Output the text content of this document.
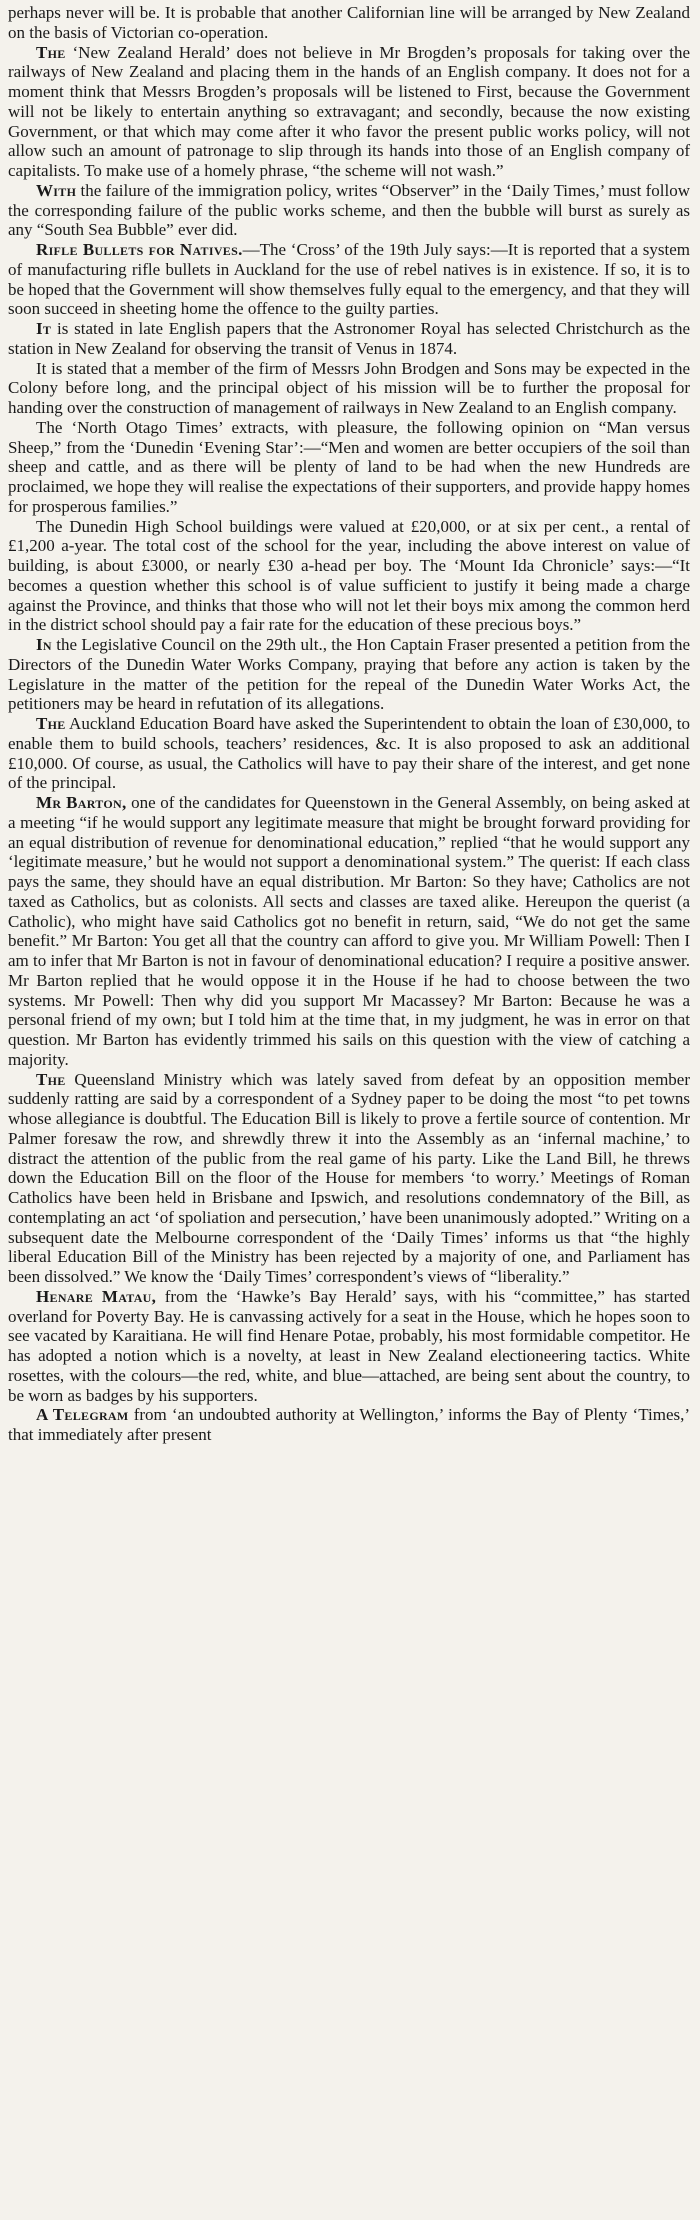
perhaps never will be. It is probable that another Californian line will be arranged by New Zealand on the basis of Victorian co-operation.

The ‘New Zealand Herald’ does not believe in Mr Brogden’s proposals for taking over the railways of New Zealand and placing them in the hands of an English company. It does not for a moment think that Messrs Brogden’s proposals will be listened to First, because the Government will not be likely to entertain anything so extravagant; and secondly, because the now existing Government, or that which may come after it who favor the present public works policy, will not allow such an amount of patronage to slip through its hands into those of an English company of capitalists. To make use of a homely phrase, “the scheme will not wash.”

With the failure of the immigration policy, writes “Observer” in the ‘Daily Times,’ must follow the corresponding failure of the public works scheme, and then the bubble will burst as surely as any “South Sea Bubble” ever did.

Rifle Bullets for Natives.—The ‘Cross’ of the 19th July says:—It is reported that a system of manufacturing rifle bullets in Auckland for the use of rebel natives is in existence. If so, it is to be hoped that the Government will show themselves fully equal to the emergency, and that they will soon succeed in sheeting home the offence to the guilty parties.

It is stated in late English papers that the Astronomer Royal has selected Christchurch as the station in New Zealand for observing the transit of Venus in 1874.

It is stated that a member of the firm of Messrs John Brodgen and Sons may be expected in the Colony before long, and the principal object of his mission will be to further the proposal for handing over the construction of management of railways in New Zealand to an English company.

The ‘North Otago Times’ extracts, with pleasure, the following opinion on “Man versus Sheep,” from the ‘Dunedin ‘Evening Star’:—“Men and women are better occupiers of the soil than sheep and cattle, and as there will be plenty of land to be had when the new Hundreds are proclaimed, we hope they will realise the expectations of their supporters, and provide happy homes for prosperous families.”

The Dunedin High School buildings were valued at £20,000, or at six per cent., a rental of £1,200 a-year. The total cost of the school for the year, including the above interest on value of building, is about £3000, or nearly £30 a-head per boy. The ‘Mount Ida Chronicle’ says:—“It becomes a question whether this school is of value sufficient to justify it being made a charge against the Province, and thinks that those who will not let their boys mix among the common herd in the district school should pay a fair rate for the education of these precious boys.”

In the Legislative Council on the 29th ult., the Hon Captain Fraser presented a petition from the Directors of the Dunedin Water Works Company, praying that before any action is taken by the Legislature in the matter of the petition for the repeal of the Dunedin Water Works Act, the petitioners may be heard in refutation of its allegations.

The Auckland Education Board have asked the Superintendent to obtain the loan of £30,000, to enable them to build schools, teachers’ residences, &c. It is also proposed to ask an additional £10,000. Of course, as usual, the Catholics will have to pay their share of the interest, and get none of the principal.

Mr Barton, one of the candidates for Queenstown in the General Assembly, on being asked at a meeting “if he would support any legitimate measure that might be brought forward providing for an equal distribution of revenue for denominational education,” replied “that he would support any ‘legitimate measure,’ but he would not support a denominational system.” The querist: If each class pays the same, they should have an equal distribution. Mr Barton: So they have; Catholics are not taxed as Catholics, but as colonists. All sects and classes are taxed alike. Hereupon the querist (a Catholic), who might have said Catholics got no benefit in return, said, “We do not get the same benefit.” Mr Barton: You get all that the country can afford to give you. Mr William Powell: Then I am to infer that Mr Barton is not in favour of denominational education? I require a positive answer. Mr Barton replied that he would oppose it in the House if he had to choose between the two systems. Mr Powell: Then why did you support Mr Macassey? Mr Barton: Because he was a personal friend of my own; but I told him at the time that, in my judgment, he was in error on that question. Mr Barton has evidently trimmed his sails on this question with the view of catching a majority.

The Queensland Ministry which was lately saved from defeat by an opposition member suddenly ratting are said by a correspondent of a Sydney paper to be doing the most “to pet towns whose allegiance is doubtful. The Education Bill is likely to prove a fertile source of contention. Mr Palmer foresaw the row, and shrewdly threw it into the Assembly as an ‘infernal machine,’ to distract the attention of the public from the real game of his party. Like the Land Bill, he threws down the Education Bill on the floor of the House for members ‘to worry.’ Meetings of Roman Catholics have been held in Brisbane and Ipswich, and resolutions condemnatory of the Bill, as contemplating an act ‘of spoliation and persecution,’ have been unanimously adopted.” Writing on a subsequent date the Melbourne correspondent of the ‘Daily Times’ informs us that “the highly liberal Education Bill of the Ministry has been rejected by a majority of one, and Parliament has been dissolved.” We know the ‘Daily Times’ correspondent’s views of “liberality.”

Henare Matau, from the ‘Hawke’s Bay Herald’ says, with his “committee,” has started overland for Poverty Bay. He is canvassing actively for a seat in the House, which he hopes soon to see vacated by Karaitiana. He will find Henare Potae, probably, his most formidable competitor. He has adopted a notion which is a novelty, at least in New Zealand electioneering tactics. White rosettes, with the colours—the red, white, and blue—attached, are being sent about the country, to be worn as badges by his supporters.

A Telegram from ‘an undoubted authority at Wellington,’ informs the Bay of Plenty ‘Times,’ that immediately after present
